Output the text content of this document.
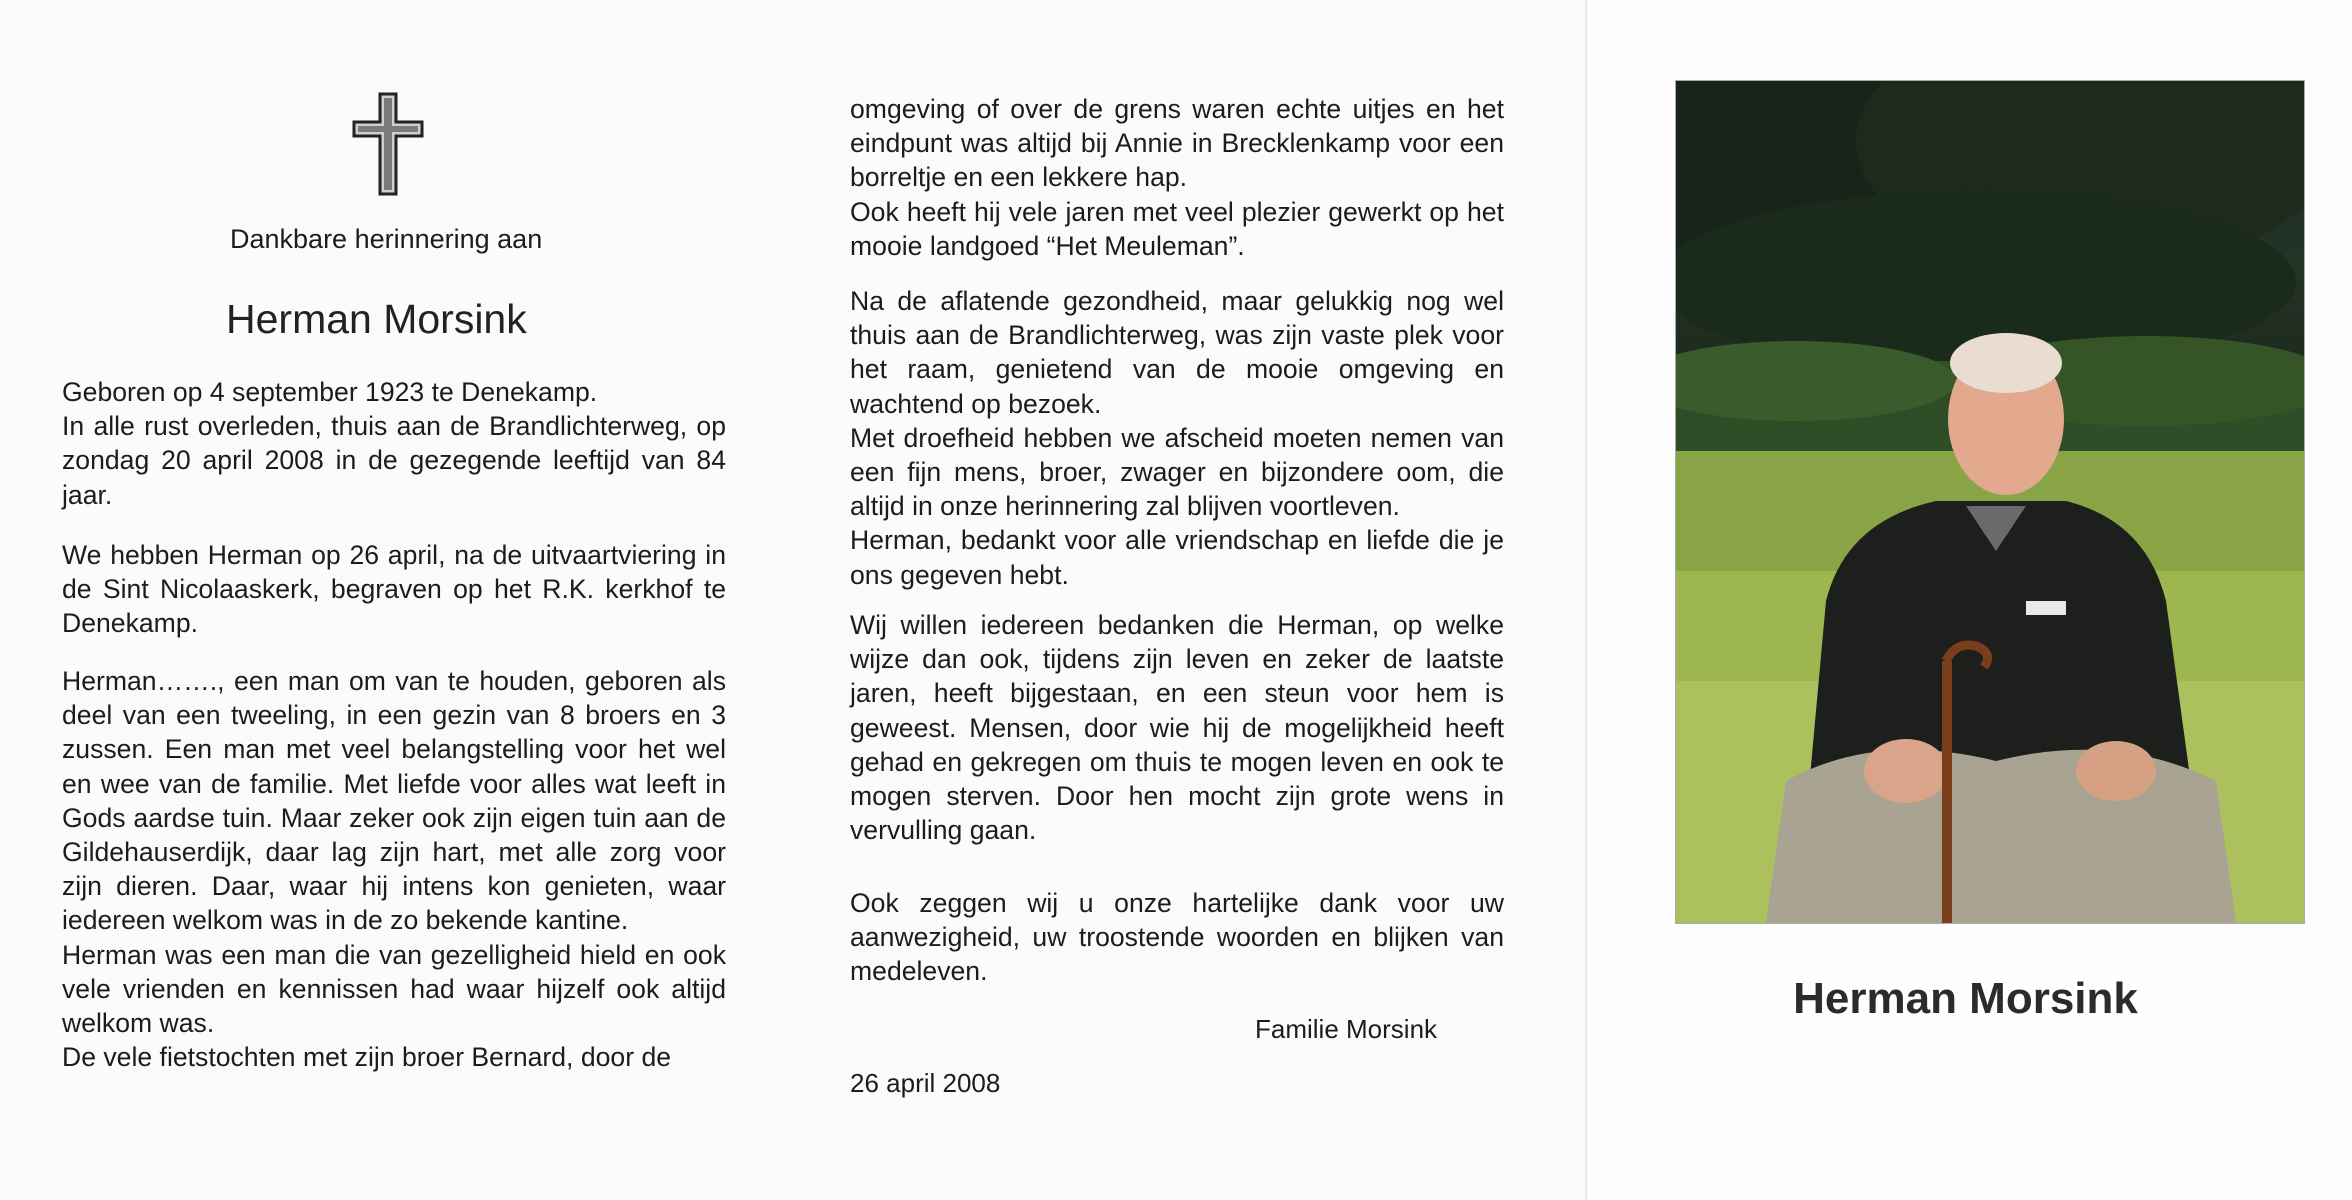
Dankbare herinnering aan
Herman Morsink

Geboren op 4 september 1923 te Denekamp.
In alle rust overleden, thuis aan de Brandlichterweg, op zondag 20 april 2008 in de gezegende leeftijd van 84 jaar.

We hebben Herman op 26 april, na de uitvaartviering in de Sint Nicolaaskerk, begraven op het R.K. kerkhof te Denekamp.

Herman……., een man om van te houden, geboren als deel van een tweeling, in een gezin van 8 broers en 3 zussen. Een man met veel belangstelling voor het wel en wee van de familie. Met liefde voor alles wat leeft in Gods aardse tuin. Maar zeker ook zijn eigen tuin aan de Gildehauserdijk, daar lag zijn hart, met alle zorg voor zijn dieren. Daar, waar hij intens kon genieten, waar iedereen welkom was in de zo bekende kantine.
Herman was een man die van gezelligheid hield en ook vele vrienden en kennissen had waar hijzelf ook altijd welkom was.
De vele fietstochten met zijn broer Bernard, door de

omgeving of over de grens waren echte uitjes en het eindpunt was altijd bij Annie in Brecklenkamp voor een borreltje en een lekkere hap.
Ook heeft hij vele jaren met veel plezier gewerkt op het mooie landgoed “Het Meuleman”.

Na de aflatende gezondheid, maar gelukkig nog wel thuis aan de Brandlichterweg, was zijn vaste plek voor het raam, genietend van de mooie omgeving en wachtend op bezoek.
Met droefheid hebben we afscheid moeten nemen van een fijn mens, broer, zwager en bijzondere oom, die altijd in onze herinnering zal blijven voortleven.
Herman, bedankt voor alle vriendschap en liefde die je ons gegeven hebt.

Wij willen iedereen bedanken die Herman, op welke wijze dan ook, tijdens zijn leven en zeker de laatste jaren, heeft bijgestaan, en een steun voor hem is geweest. Mensen, door wie hij de mogelijkheid heeft gehad en gekregen om thuis te mogen leven en ook te mogen sterven. Door hen mocht zijn grote wens in vervulling gaan.

Ook zeggen wij u onze hartelijke dank voor uw aanwezigheid, uw troostende woorden en blijken van medeleven.

Familie Morsink
26 april 2008
Herman Morsink
